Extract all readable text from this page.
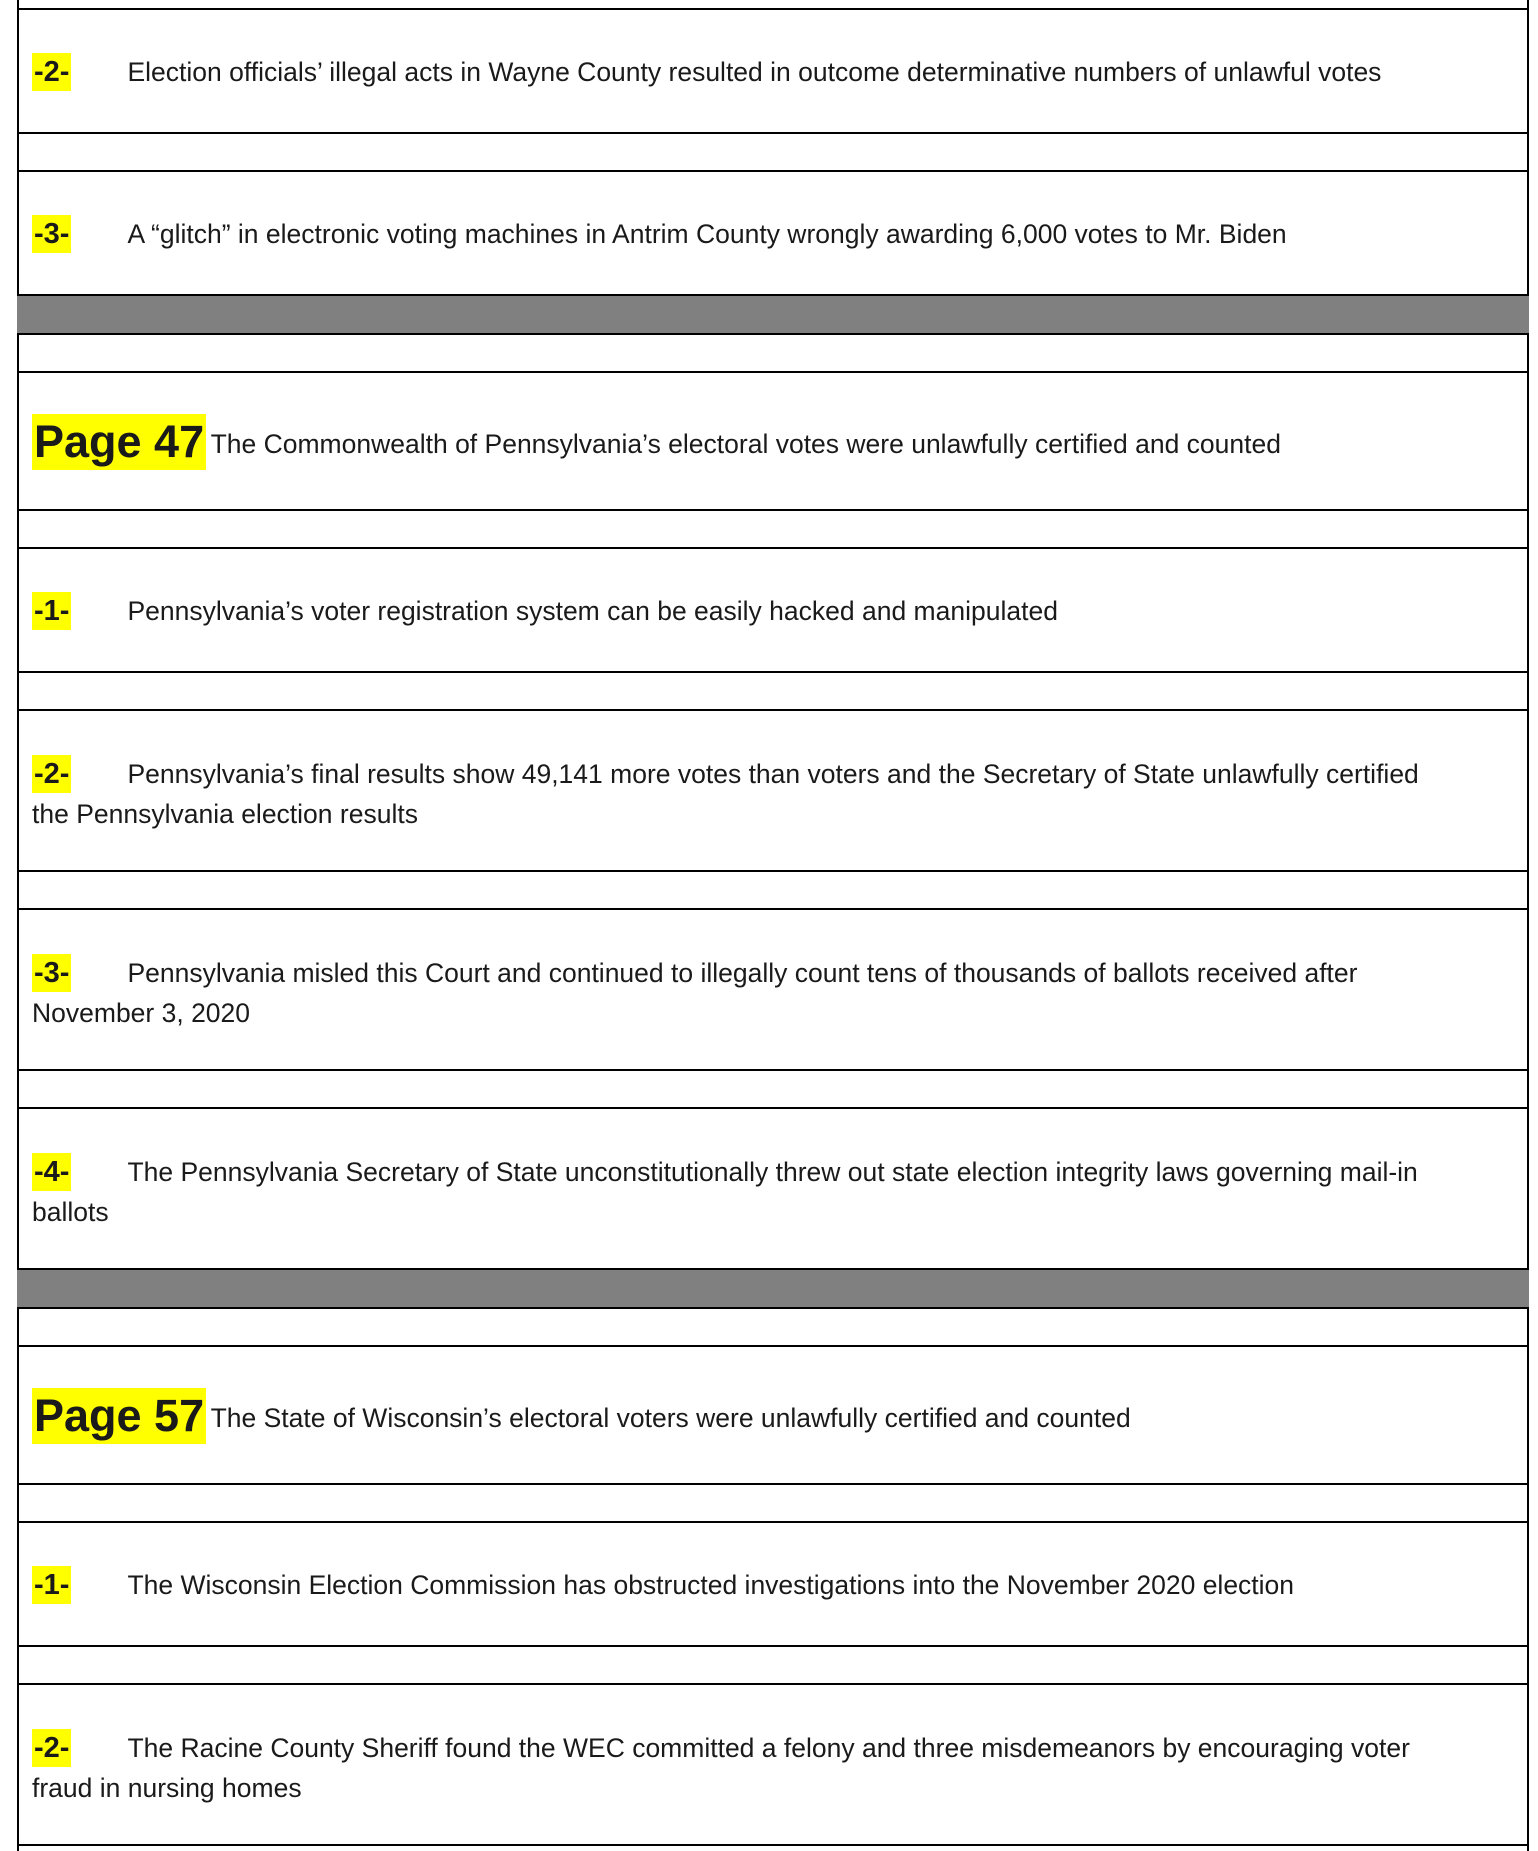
-2- Election officials’ illegal acts in Wayne County resulted in outcome determinative numbers of unlawful votes
-3- A “glitch” in electronic voting machines in Antrim County wrongly awarding 6,000 votes to Mr. Biden
Page 47 The Commonwealth of Pennsylvania’s electoral votes were unlawfully certified and counted
-1- Pennsylvania’s voter registration system can be easily hacked and manipulated
-2- Pennsylvania’s final results show 49,141 more votes than voters and the Secretary of State unlawfully certified
the Pennsylvania election results
-3- Pennsylvania misled this Court and continued to illegally count tens of thousands of ballots received after
November 3, 2020
-4- The Pennsylvania Secretary of State unconstitutionally threw out state election integrity laws governing mail-in
ballots
Page 57 The State of Wisconsin’s electoral voters were unlawfully certified and counted
-1- The Wisconsin Election Commission has obstructed investigations into the November 2020 election
-2- The Racine County Sheriff found the WEC committed a felony and three misdemeanors by encouraging voter
fraud in nursing homes
